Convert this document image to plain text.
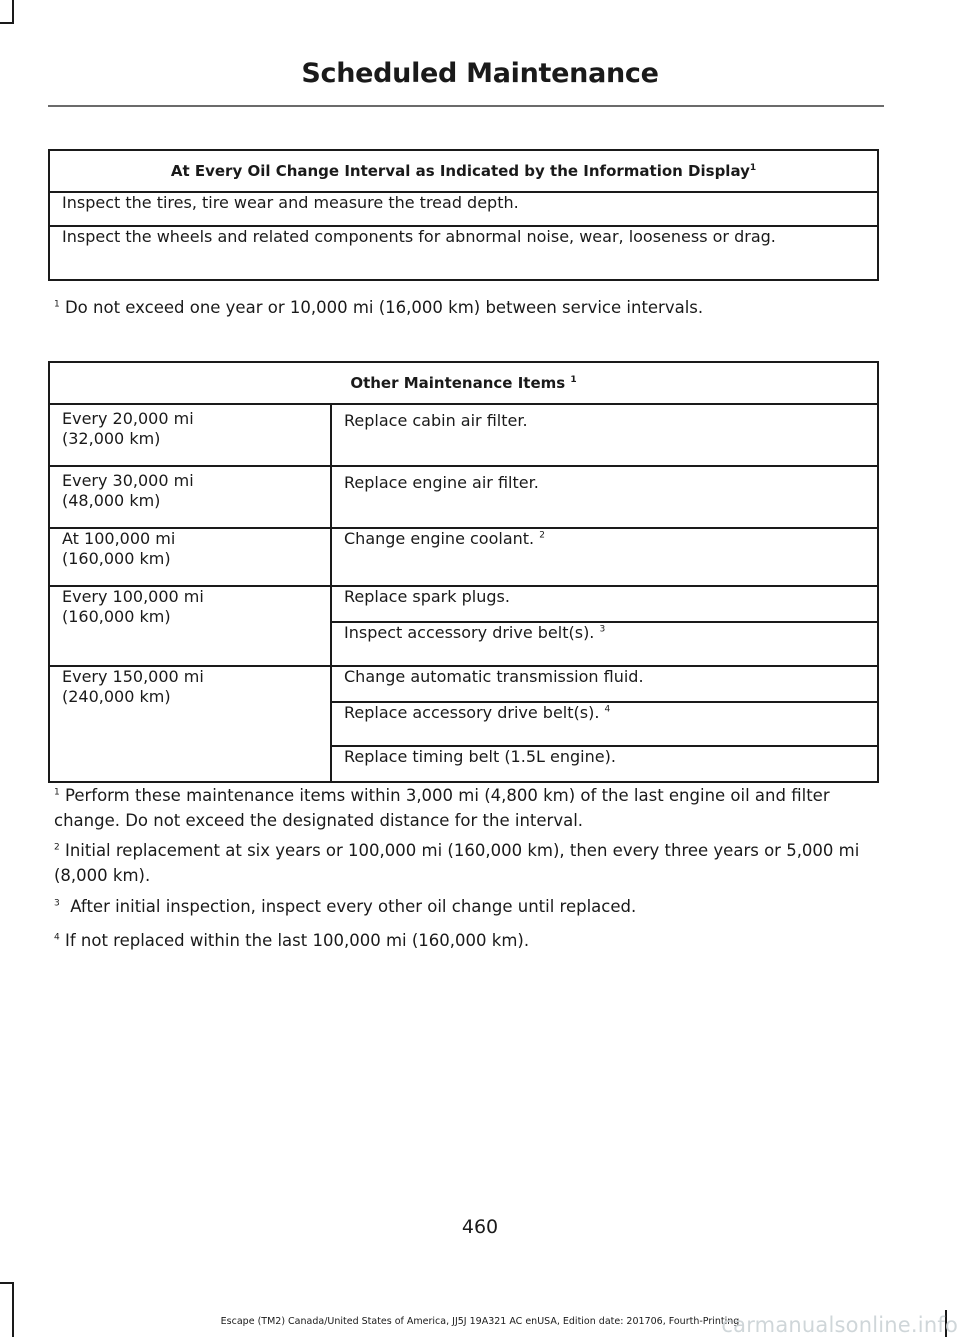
Scheduled Maintenance
At Every Oil Change Interval as Indicated by the Information Display$^1$
Inspect the tires, tire wear and measure the tread depth.
Inspect the wheels and related components for abnormal noise, wear, looseness or drag.
$^1$ Do not exceed one year or 10,000 mi (16,000 km) between service intervals.
Other Maintenance Items $^1$
Every 20,000 mi
(32,000 km)	Replace cabin air filter.
Every 30,000 mi
(48,000 km)	Replace engine air filter.
At 100,000 mi
(160,000 km)	Change engine coolant. $^2$
Every 100,000 mi
(160,000 km)	Replace spark plugs.
	Inspect accessory drive belt(s). $^3$
Every 150,000 mi
(240,000 km)	Change automatic transmission fluid.
	Replace accessory drive belt(s). $^4$
	Replace timing belt (1.5L engine).
$^1$ Perform these maintenance items within 3,000 mi (4,800 km) of the last engine oil and filter change. Do not exceed the designated distance for the interval.
$^2$ Initial replacement at six years or 100,000 mi (160,000 km), then every three years or 5,000 mi (8,000 km).
$^3$  After initial inspection, inspect every other oil change until replaced.
$^4$ If not replaced within the last 100,000 mi (160,000 km).
460
Escape (TM2) Canada/United States of America, JJ5J 19A321 AC enUSA, Edition date: 201706, Fourth-Printing
carmanualsonline.info
